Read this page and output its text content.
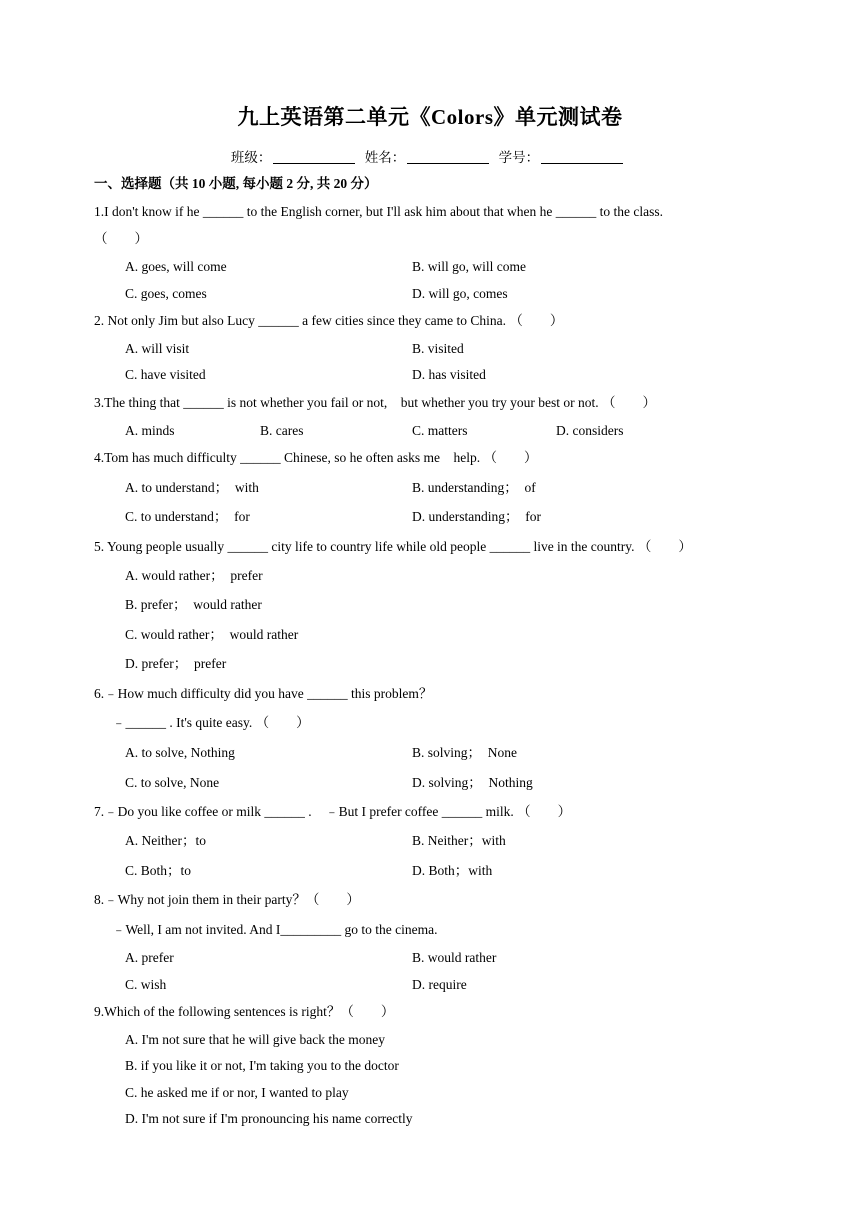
九上英语第二单元《Colors》单元测试卷
班级：	姓名：	学号：
一、选择题（共 10 小题, 每小题 2 分, 共 20 分）
1.I don't know if he ______ to the English corner, but I'll ask him about that when he ______ to the class.
（　　）
A. goes, will come	B. will go, will come
C. goes, comes	D. will go, comes
2. Not only Jim but also Lucy ______ a few cities since they came to China. （　　）
A. will visit	B. visited
C. have visited	D. has visited
3.The thing that ______ is not whether you fail or not,　but whether you try your best or not. （　　）
A. minds	B. cares	C. matters	D. considers
4.Tom has much difficulty ______ Chinese, so he often asks me　help. （　　）
A. to understand；　with	B. understanding；　of
C. to understand；　for	D. understanding；　for
5. Young people usually ______ city life to country life while old people ______ live in the country. （　　）
A. would rather；　prefer
B. prefer；　would rather
C. would rather；　would rather
D. prefer；　prefer
6.﹣How much difficulty did you have ______ this problem？
﹣______ . It's quite easy. （　　）
A. to solve, Nothing	B. solving；　None
C. to solve, None	D. solving；　Nothing
7.﹣Do you like coffee or milk ______ .　﹣But I prefer coffee ______ milk. （　　）
A. Neither；to	B. Neither；with
C. Both；to	D. Both；with
8.﹣Why not join them in their party？（　　）
﹣Well, I am not invited. And I_________ go to the cinema.
A. prefer	B. would rather
C. wish	D. require
9.Which of the following sentences is right？（　　）
A. I'm not sure that he will give back the money
B. if you like it or not, I'm taking you to the doctor
C. he asked me if or nor, I wanted to play
D. I'm not sure if I'm pronouncing his name correctly
